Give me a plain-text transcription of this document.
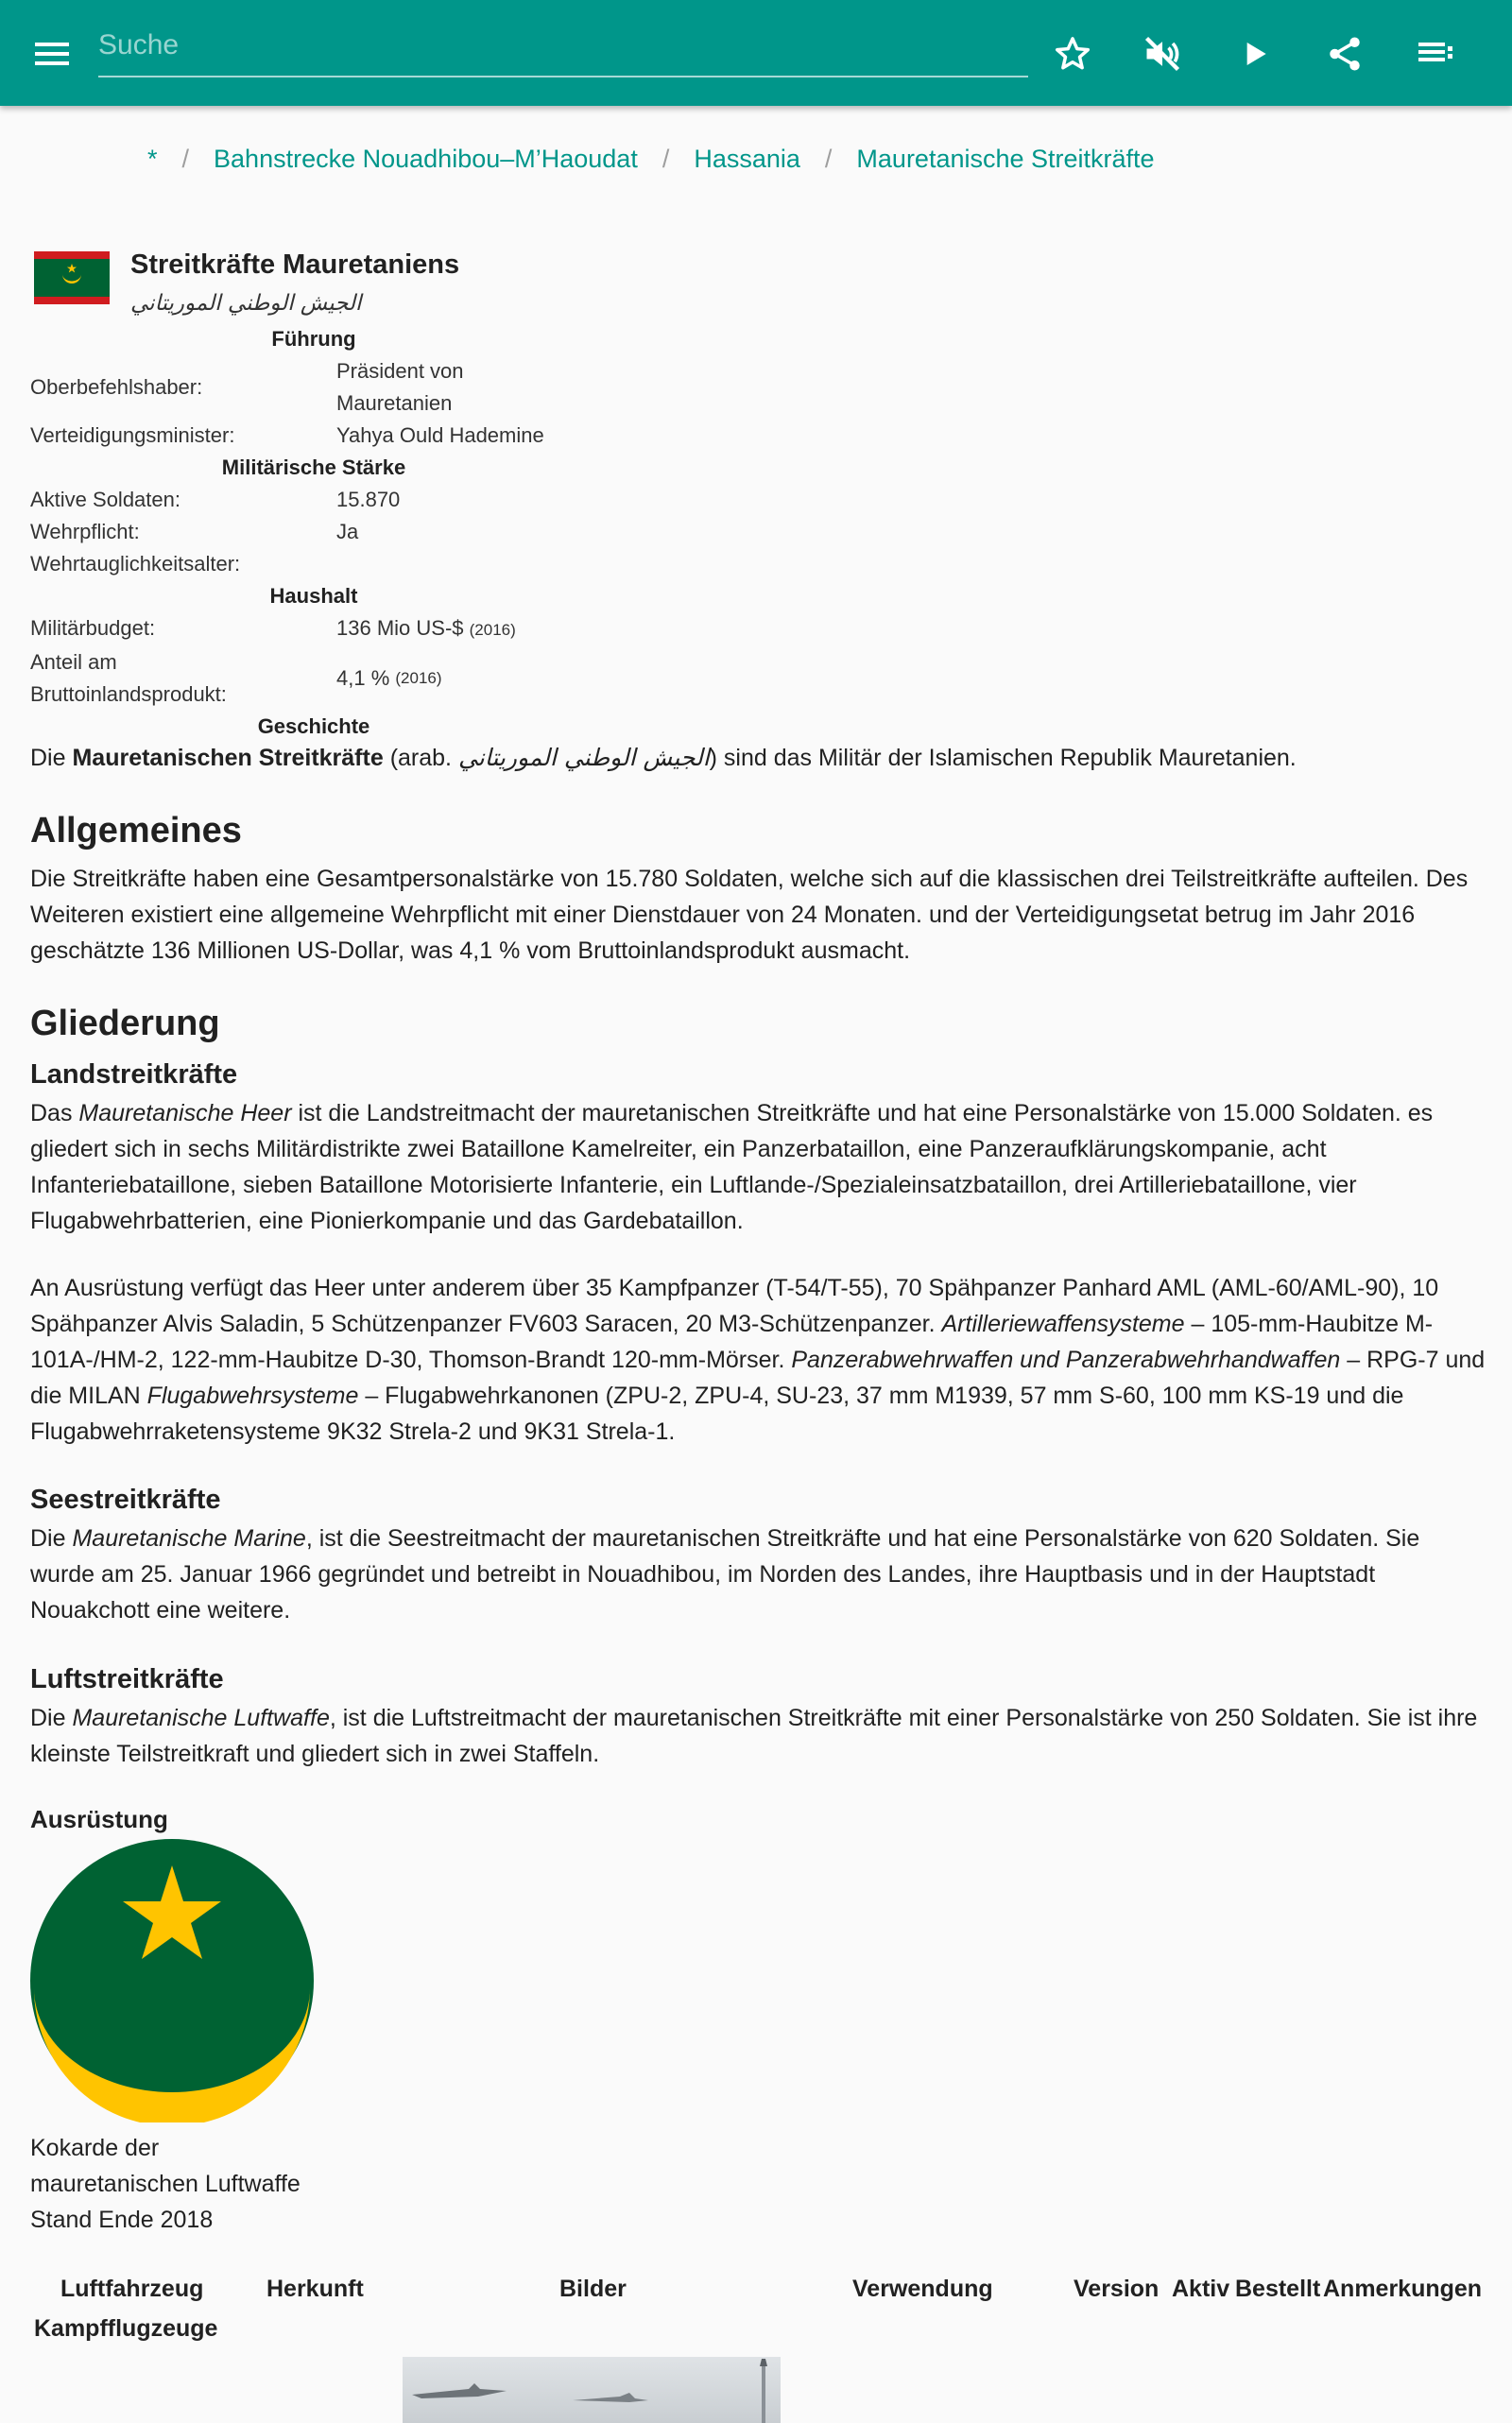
Suche
* / Bahnstrecke Nouadhibou–M’Haoudat / Hassania / Mauretanische Streitkräfte
Streitkräfte Mauretaniens
الجيش الوطني الموريتاني
Führung
Oberbefehlshaber:
Präsident von
Mauretanien
Verteidigungsminister:	Yahya Ould Hademine
Militärische Stärke
Aktive Soldaten:	15.870
Wehrpflicht:	Ja
Wehrtauglichkeitsalter:
Haushalt
Militärbudget:	136 Mio US-$ (2016)
Anteil am
Bruttoinlandsprodukt:
4,1 %
(2016)
Geschichte
Die Mauretanischen Streitkräfte (arab. الجيش الوطني الموريتاني) sind das Militär der Islamischen Republik Mauretanien.
Allgemeines
Die Streitkräfte haben eine Gesamtpersonalstärke von 15.780 Soldaten, welche sich auf die klassischen drei Teilstreitkräfte aufteilen. Des Weiteren existiert eine allgemeine Wehrpflicht mit einer Dienstdauer von 24 Monaten. und der Verteidigungsetat betrug im Jahr 2016 geschätzte 136 Millionen US-Dollar, was 4,1 % vom Bruttoinlandsprodukt ausmacht.
Gliederung
Landstreitkräfte
Das Mauretanische Heer ist die Landstreitmacht der mauretanischen Streitkräfte und hat eine Personalstärke von 15.000 Soldaten. es gliedert sich in sechs Militärdistrikte zwei Bataillone Kamelreiter, ein Panzerbataillon, eine Panzeraufklärungskompanie, acht Infanteriebataillone, sieben Bataillone Motorisierte Infanterie, ein Luftlande-/Spezialeinsatzbataillon, drei Artilleriebataillone, vier Flugabwehrbatterien, eine Pionierkompanie und das Gardebataillon.
An Ausrüstung verfügt das Heer unter anderem über 35 Kampfpanzer (T-54/T-55), 70 Spähpanzer Panhard AML (AML-60/AML-90), 10 Spähpanzer Alvis Saladin, 5 Schützenpanzer FV603 Saracen, 20 M3-Schützenpanzer. Artilleriewaffensysteme – 105-mm-Haubitze M-101A-/HM-2, 122-mm-Haubitze D-30, Thomson-Brandt 120-mm-Mörser. Panzerabwehrwaffen und Panzerabwehrhandwaffen – RPG-7 und die MILAN Flugabwehrsysteme – Flugabwehrkanonen (ZPU-2, ZPU-4, SU-23, 37 mm M1939, 57 mm S-60, 100 mm KS-19 und die Flugabwehrraketensysteme 9K32 Strela-2 und 9K31 Strela-1.
Seestreitkräfte
Die Mauretanische Marine, ist die Seestreitmacht der mauretanischen Streitkräfte und hat eine Personalstärke von 620 Soldaten. Sie wurde am 25. Januar 1966 gegründet und betreibt in Nouadhibou, im Norden des Landes, ihre Hauptbasis und in der Hauptstadt Nouakchott eine weitere.
Luftstreitkräfte
Die Mauretanische Luftwaffe, ist die Luftstreitmacht der mauretanischen Streitkräfte mit einer Personalstärke von 250 Soldaten. Sie ist ihre kleinste Teilstreitkraft und gliedert sich in zwei Staffeln.
Ausrüstung
Kokarde der
mauretanischen Luftwaffe
Stand Ende 2018
Luftfahrzeug	Herkunft	Bilder	Verwendung	Version Aktiv Bestellt Anmerkungen
Kampfflugzeuge
